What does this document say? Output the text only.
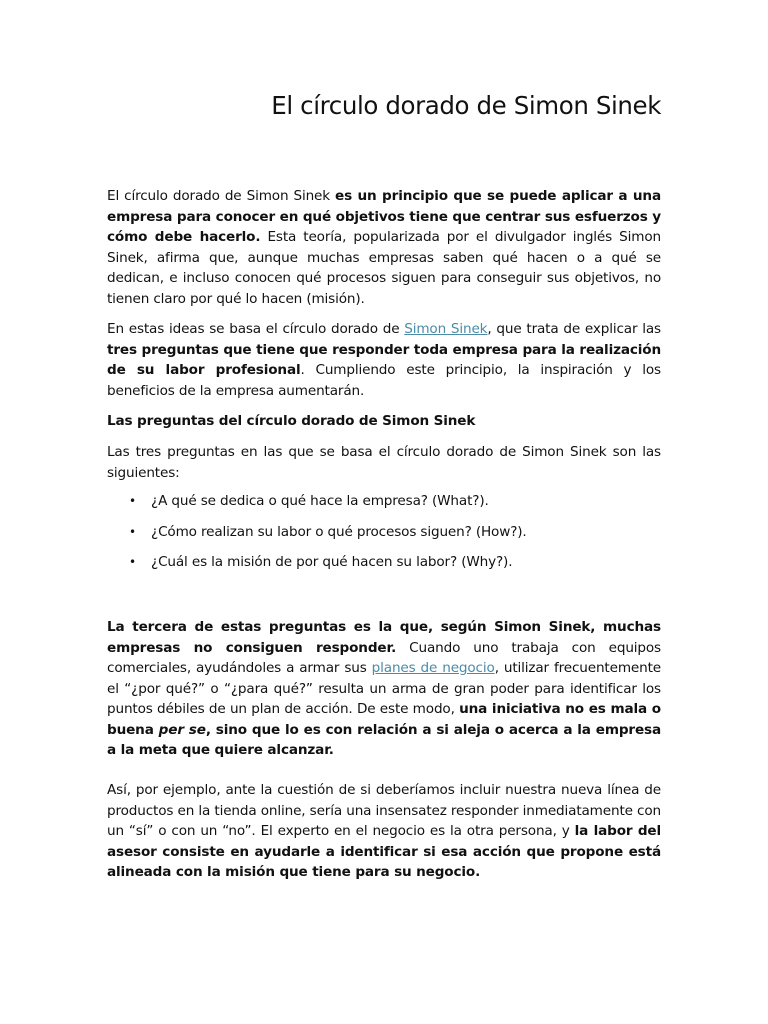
El círculo dorado de Simon Sinek

El círculo dorado de Simon Sinek es un principio que se puede aplicar a una empresa para conocer en qué objetivos tiene que centrar sus esfuerzos y cómo debe hacerlo. Esta teoría, popularizada por el divulgador inglés Simon Sinek, afirma que, aunque muchas empresas saben qué hacen o a qué se dedican, e incluso conocen qué procesos siguen para conseguir sus objetivos, no tienen claro por qué lo hacen (misión).

En estas ideas se basa el círculo dorado de Simon Sinek, que trata de explicar las tres preguntas que tiene que responder toda empresa para la realización de su labor profesional. Cumpliendo este principio, la inspiración y los beneficios de la empresa aumentarán.

Las preguntas del círculo dorado de Simon Sinek

Las tres preguntas en las que se basa el círculo dorado de Simon Sinek son las siguientes:

• ¿A qué se dedica o qué hace la empresa? (What?).
• ¿Cómo realizan su labor o qué procesos siguen? (How?).
• ¿Cuál es la misión de por qué hacen su labor? (Why?).

La tercera de estas preguntas es la que, según Simon Sinek, muchas empresas no consiguen responder. Cuando uno trabaja con equipos comerciales, ayudándoles a armar sus planes de negocio, utilizar frecuentemente el “¿por qué?” o “¿para qué?” resulta un arma de gran poder para identificar los puntos débiles de un plan de acción. De este modo, una iniciativa no es mala o buena per se, sino que lo es con relación a si aleja o acerca a la empresa a la meta que quiere alcanzar.

Así, por ejemplo, ante la cuestión de si deberíamos incluir nuestra nueva línea de productos en la tienda online, sería una insensatez responder inmediatamente con un “sí” o con un “no”. El experto en el negocio es la otra persona, y la labor del asesor consiste en ayudarle a identificar si esa acción que propone está alineada con la misión que tiene para su negocio.
